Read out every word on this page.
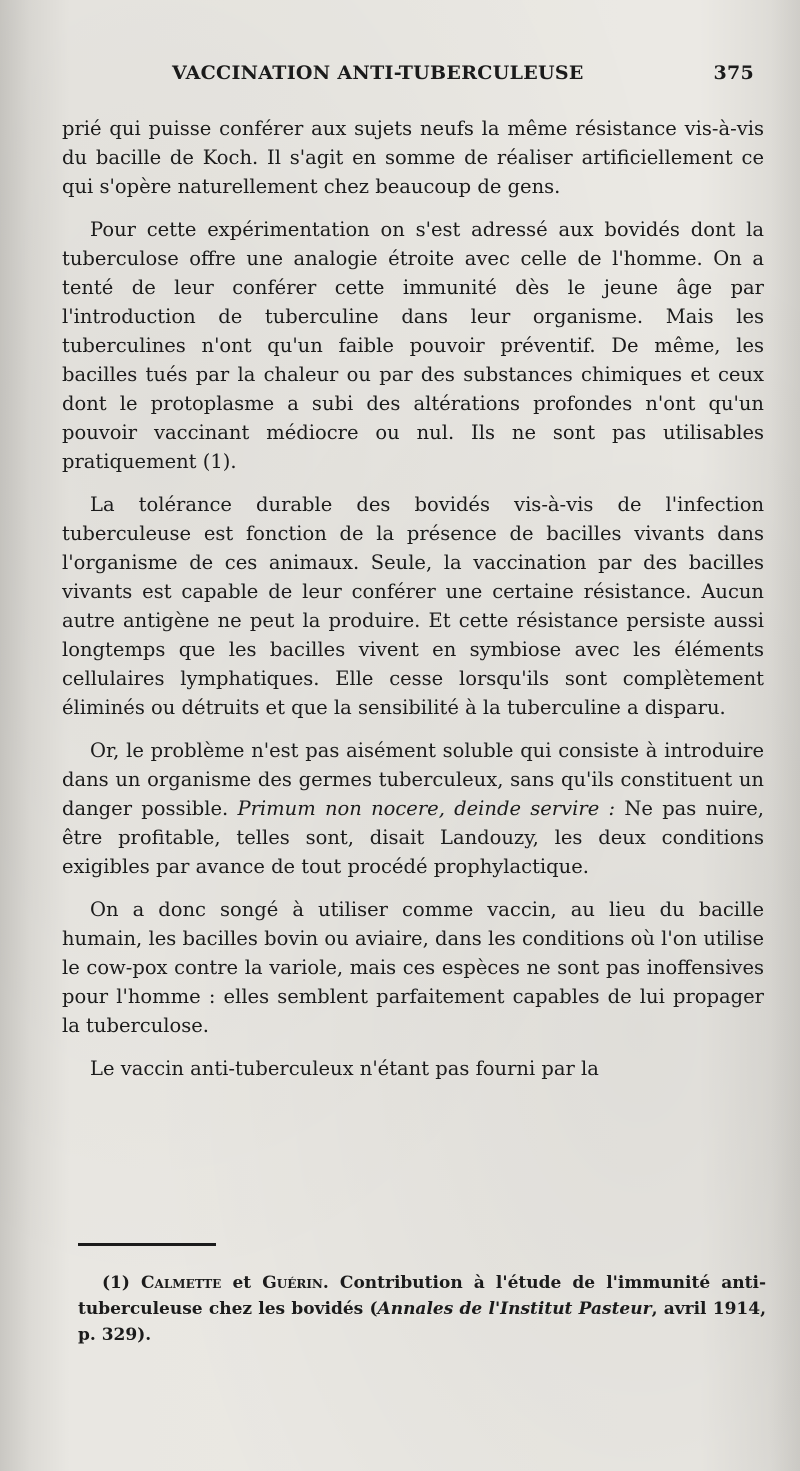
VACCINATION ANTI-TUBERCULEUSE	375

prié qui puisse conférer aux sujets neufs la même résistance vis-à-vis du bacille de Koch. Il s'agit en somme de réaliser artificiellement ce qui s'opère naturellement chez beaucoup de gens.

Pour cette expérimentation on s'est adressé aux bovidés dont la tuberculose offre une analogie étroite avec celle de l'homme. On a tenté de leur conférer cette immunité dès le jeune âge par l'introduction de tuberculine dans leur organisme. Mais les tuberculines n'ont qu'un faible pouvoir préventif. De même, les bacilles tués par la chaleur ou par des substances chimiques et ceux dont le protoplasme a subi des altérations profondes n'ont qu'un pouvoir vaccinant médiocre ou nul. Ils ne sont pas utilisables pratiquement (1).

La tolérance durable des bovidés vis-à-vis de l'infection tuberculeuse est fonction de la présence de bacilles vivants dans l'organisme de ces animaux. Seule, la vaccination par des bacilles vivants est capable de leur conférer une certaine résistance. Aucun autre antigène ne peut la produire. Et cette résistance persiste aussi longtemps que les bacilles vivent en symbiose avec les éléments cellulaires lymphatiques. Elle cesse lorsqu'ils sont complètement éliminés ou détruits et que la sensibilité à la tuberculine a disparu.

Or, le problème n'est pas aisément soluble qui consiste à introduire dans un organisme des germes tuberculeux, sans qu'ils constituent un danger possible. Primum non nocere, deinde servire : Ne pas nuire, être profitable, telles sont, disait Landouzy, les deux conditions exigibles par avance de tout procédé prophylactique.

On a donc songé à utiliser comme vaccin, au lieu du bacille humain, les bacilles bovin ou aviaire, dans les conditions où l'on utilise le cow-pox contre la variole, mais ces espèces ne sont pas inoffensives pour l'homme : elles semblent parfaitement capables de lui propager la tuberculose.

Le vaccin anti-tuberculeux n'étant pas fourni par la

(1) Calmette et Guérin. Contribution à l'étude de l'immunité anti-tuberculeuse chez les bovidés (Annales de l'Institut Pasteur, avril 1914, p. 329).
